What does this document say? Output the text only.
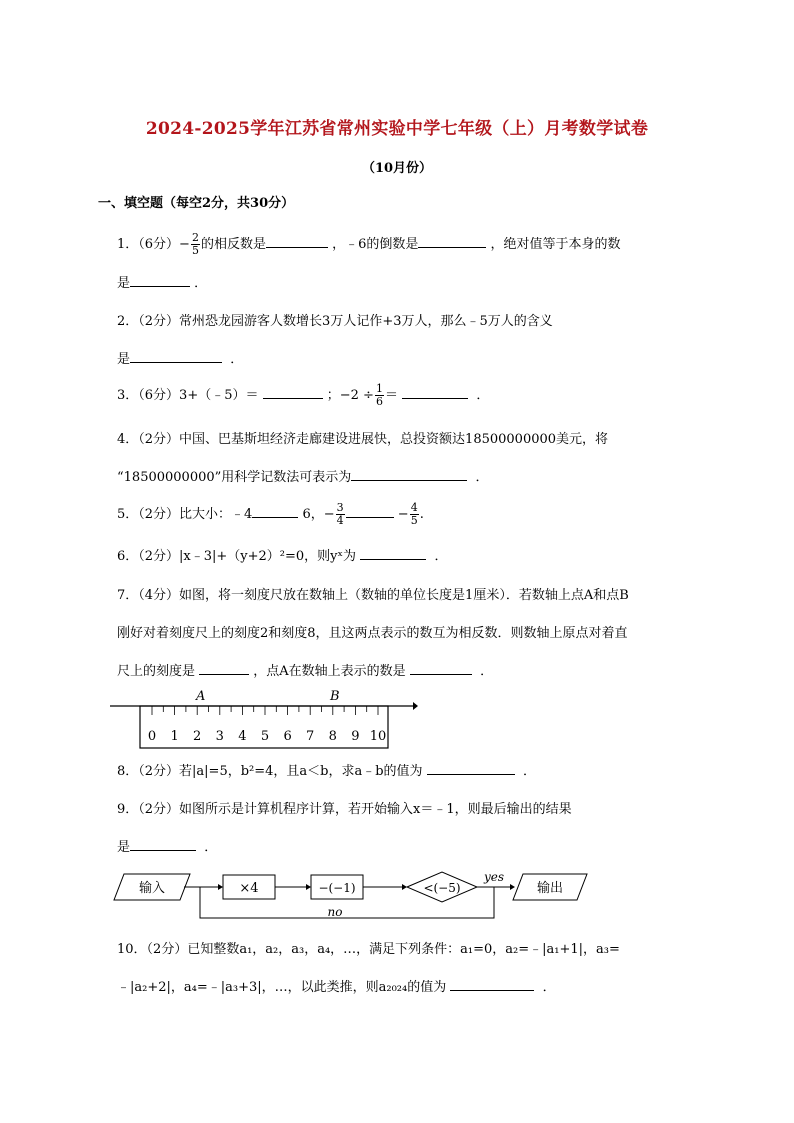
2024-2025学年江苏省常州实验中学七年级（上）月考数学试卷
（10月份）
一、填空题（每空2分，共30分）
1．（6分）− $\frac{2}{5}$ 的相反数是	，﹣6的倒数是	，绝对值等于本身的数
是	．
2．（2分）常州恐龙园游客人数增长3万人记作+3万人，那么﹣5万人的含义
是	．
3．（6分）3+（﹣5）＝	；$-2 \div \frac{1}{6}$ ＝	．
4．（2分）中国、巴基斯坦经济走廊建设进展快，总投资额达18500000000美元，将
“18500000000”用科学记数法可表示为	．
5．（2分）比大小：﹣4	6，− $\frac{3}{4}$	− $\frac{4}{5}$ .
6．（2分）|x﹣3|+（y+2）²=0，则yˣ为	．
7．（4分）如图，将一刻度尺放在数轴上（数轴的单位长度是1厘米）．若数轴上点A和点B
刚好对着刻度尺上的刻度2和刻度8，且这两点表示的数互为相反数．则数轴上原点对着直
尺上的刻度是	，点A在数轴上表示的数是	．
A	B
0 1 2 3 4 5 6 7 8 9 10
8．（2分）若|a|=5，b²=4，且a＜b，求a﹣b的值为	．
9．（2分）如图所示是计算机程序计算，若开始输入x＝﹣1，则最后输出的结果
是	．
输入	×4	−(−1)	<(−5)
yes
输出
no
10．（2分）已知整数a₁，a₂，a₃，a₄，…，满足下列条件：a₁=0，a₂=﹣|a₁+1|，a₃=
﹣|a₂+2|，a₄=﹣|a₃+3|，…，以此类推，则a₂₀₂₄的值为	．
